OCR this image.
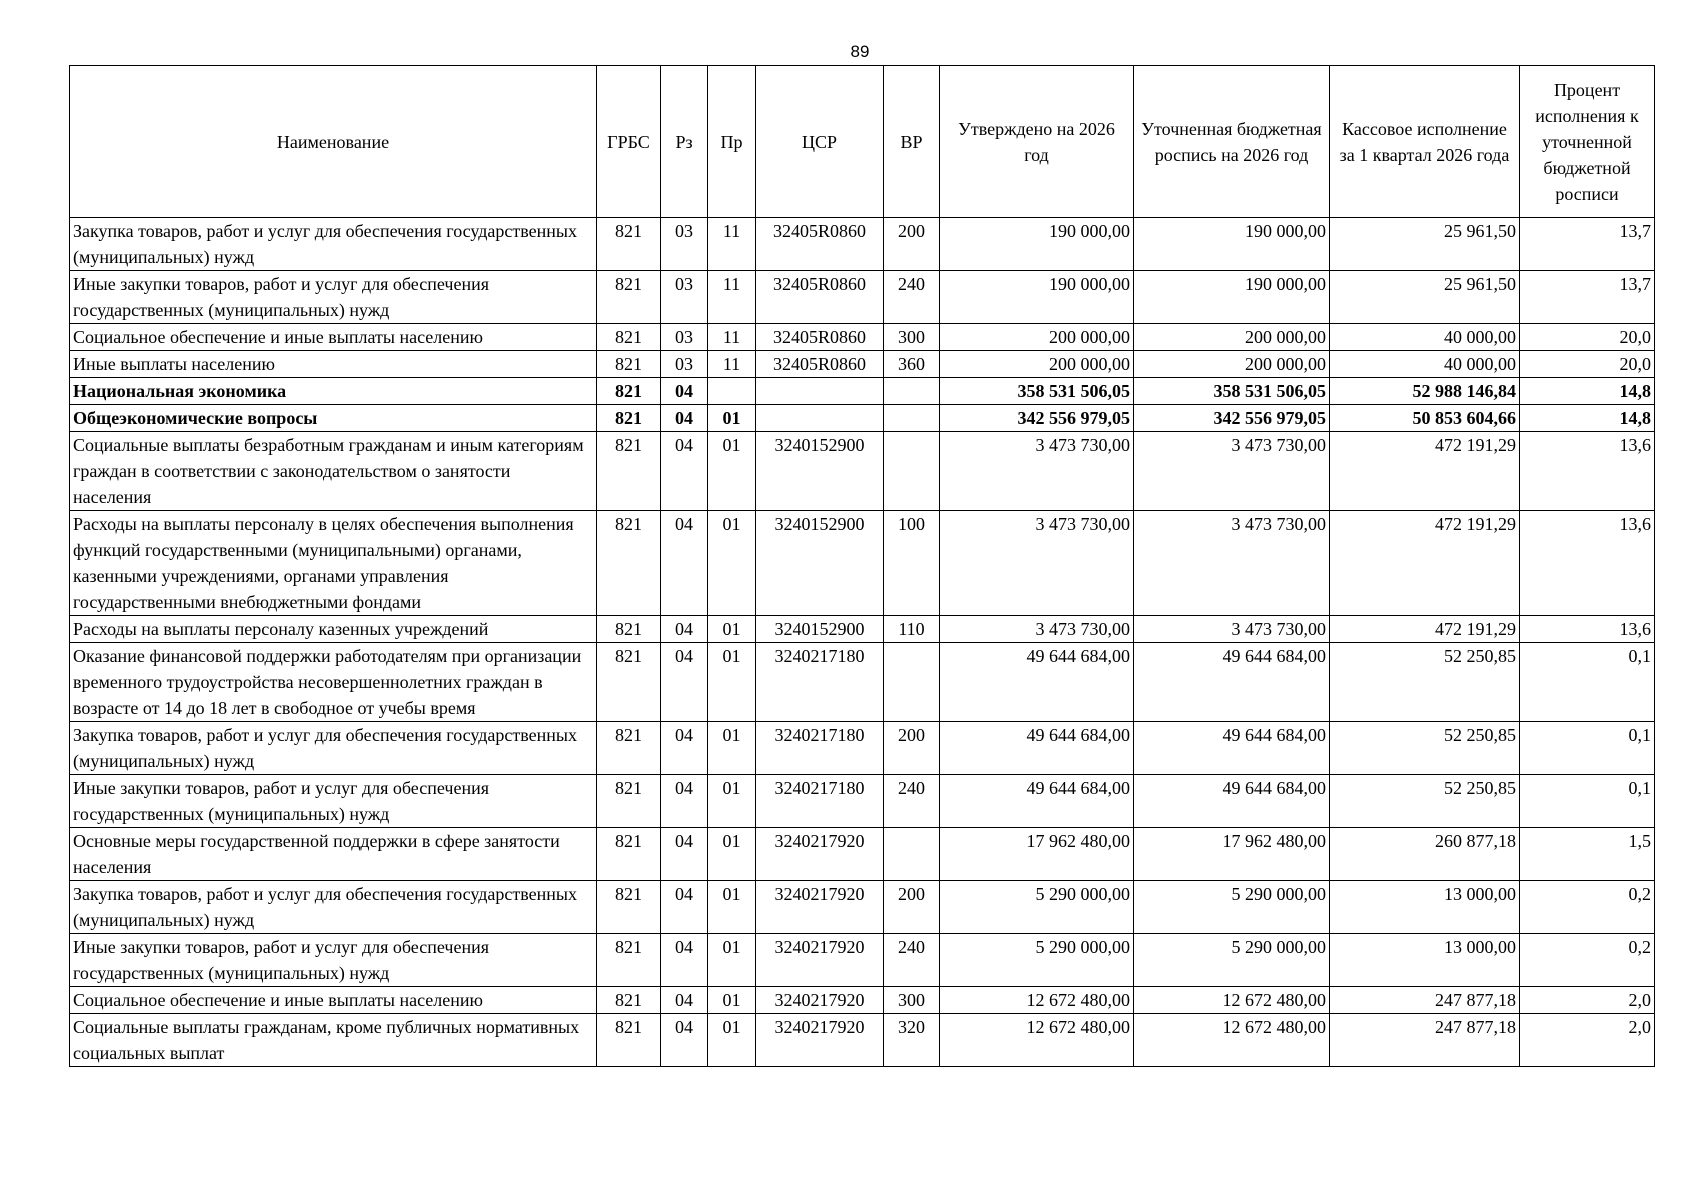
89
Наименование	ГРБС	Рз	Пр	ЦСР	ВР	Утверждено на 2026 год	Уточненная бюджетная роспись на 2026 год	Кассовое исполнение за 1 квартал 2026 года	Процент исполнения к уточненной бюджетной росписи
Закупка товаров, работ и услуг для обеспечения государственных (муниципальных) нужд	821	03	11	32405R0860	200	190 000,00	190 000,00	25 961,50	13,7
Иные закупки товаров, работ и услуг для обеспечения государственных (муниципальных) нужд	821	03	11	32405R0860	240	190 000,00	190 000,00	25 961,50	13,7
Социальное обеспечение и иные выплаты населению	821	03	11	32405R0860	300	200 000,00	200 000,00	40 000,00	20,0
Иные выплаты населению	821	03	11	32405R0860	360	200 000,00	200 000,00	40 000,00	20,0
Национальная экономика	821	04				358 531 506,05	358 531 506,05	52 988 146,84	14,8
Общеэкономические вопросы	821	04	01			342 556 979,05	342 556 979,05	50 853 604,66	14,8
Социальные выплаты безработным гражданам и иным категориям граждан в соответствии с законодательством о занятости населения	821	04	01	3240152900		3 473 730,00	3 473 730,00	472 191,29	13,6
Расходы на выплаты персоналу в целях обеспечения выполнения функций государственными (муниципальными) органами, казенными учреждениями, органами управления государственными внебюджетными фондами	821	04	01	3240152900	100	3 473 730,00	3 473 730,00	472 191,29	13,6
Расходы на выплаты персоналу казенных учреждений	821	04	01	3240152900	110	3 473 730,00	3 473 730,00	472 191,29	13,6
Оказание финансовой поддержки работодателям при организации временного трудоустройства несовершеннолетних граждан в возрасте от 14 до 18 лет в свободное от учебы время	821	04	01	3240217180		49 644 684,00	49 644 684,00	52 250,85	0,1
Закупка товаров, работ и услуг для обеспечения государственных (муниципальных) нужд	821	04	01	3240217180	200	49 644 684,00	49 644 684,00	52 250,85	0,1
Иные закупки товаров, работ и услуг для обеспечения государственных (муниципальных) нужд	821	04	01	3240217180	240	49 644 684,00	49 644 684,00	52 250,85	0,1
Основные меры государственной поддержки в сфере занятости населения	821	04	01	3240217920		17 962 480,00	17 962 480,00	260 877,18	1,5
Закупка товаров, работ и услуг для обеспечения государственных (муниципальных) нужд	821	04	01	3240217920	200	5 290 000,00	5 290 000,00	13 000,00	0,2
Иные закупки товаров, работ и услуг для обеспечения государственных (муниципальных) нужд	821	04	01	3240217920	240	5 290 000,00	5 290 000,00	13 000,00	0,2
Социальное обеспечение и иные выплаты населению	821	04	01	3240217920	300	12 672 480,00	12 672 480,00	247 877,18	2,0
Социальные выплаты гражданам, кроме публичных нормативных социальных выплат	821	04	01	3240217920	320	12 672 480,00	12 672 480,00	247 877,18	2,0
